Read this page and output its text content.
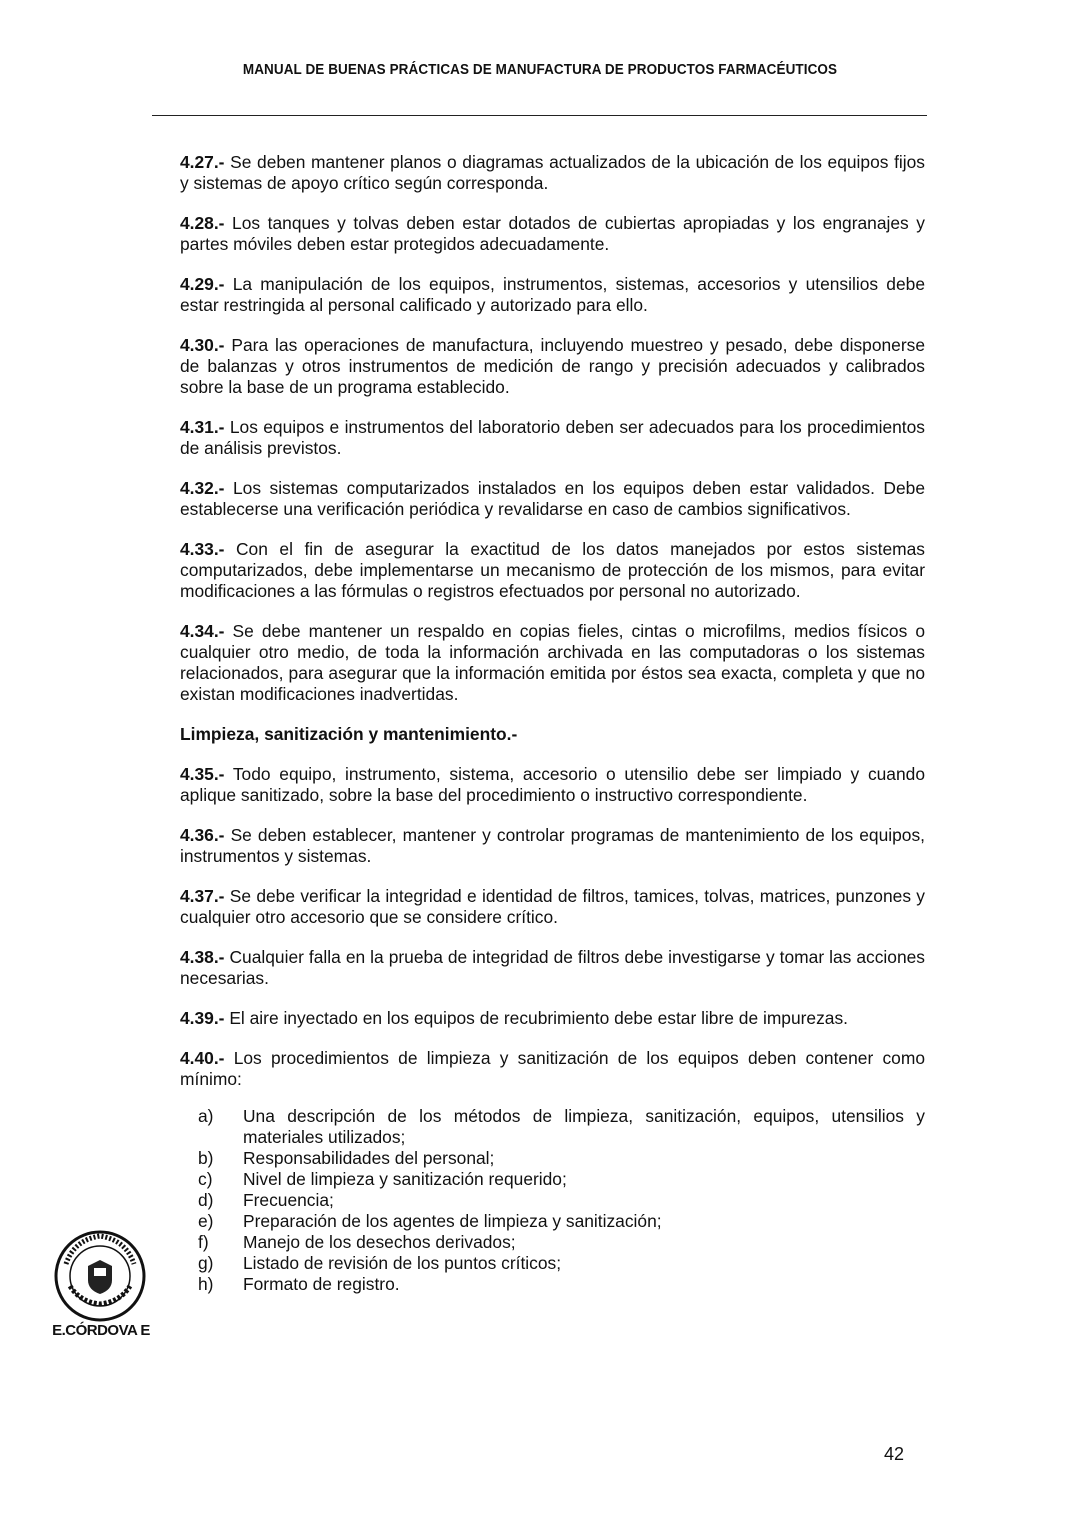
MANUAL DE BUENAS PRÁCTICAS DE MANUFACTURA DE PRODUCTOS FARMACÉUTICOS

4.27.- Se deben mantener planos o diagramas actualizados de la ubicación de los equipos fijos y sistemas de apoyo crítico según corresponda.

4.28.- Los tanques y tolvas deben estar dotados de cubiertas apropiadas y los engranajes y partes móviles deben estar protegidos adecuadamente.

4.29.- La manipulación de los equipos, instrumentos, sistemas, accesorios y utensilios debe estar restringida al personal calificado y autorizado para ello.

4.30.- Para las operaciones de manufactura, incluyendo muestreo y pesado, debe disponerse de balanzas y otros instrumentos de medición de rango y precisión adecuados y calibrados sobre la base de un programa establecido.

4.31.- Los equipos e instrumentos del laboratorio deben ser adecuados para los procedimientos de análisis previstos.

4.32.- Los sistemas computarizados instalados en los equipos deben estar validados. Debe establecerse una verificación periódica y revalidarse en caso de cambios significativos.

4.33.- Con el fin de asegurar la exactitud de los datos manejados por estos sistemas computarizados, debe implementarse un mecanismo de protección de los mismos, para evitar modificaciones a las fórmulas o registros efectuados por personal no autorizado.

4.34.- Se debe mantener un respaldo en copias fieles, cintas o microfilms, medios físicos o cualquier otro medio, de toda la información archivada en las computadoras o los sistemas relacionados, para asegurar que la información emitida por éstos sea exacta, completa y que no existan modificaciones inadvertidas.

Limpieza, sanitización y mantenimiento.-

4.35.- Todo equipo, instrumento, sistema, accesorio o utensilio debe ser limpiado y cuando aplique sanitizado, sobre la base del procedimiento o instructivo correspondiente.

4.36.- Se deben establecer, mantener y controlar programas de mantenimiento de los equipos, instrumentos y sistemas.

4.37.- Se debe verificar la integridad e identidad de filtros, tamices, tolvas, matrices, punzones y cualquier otro accesorio que se considere crítico.

4.38.- Cualquier falla en la prueba de integridad de filtros debe investigarse y tomar las acciones necesarias.

4.39.- El aire inyectado en los equipos de recubrimiento debe estar libre de impurezas.

4.40.- Los procedimientos de limpieza y sanitización de los equipos deben contener como mínimo:

a)	Una descripción de los métodos de limpieza, sanitización, equipos, utensilios y materiales utilizados;
b)	Responsabilidades del personal;
c)	Nivel de limpieza y sanitización requerido;
d)	Frecuencia;
e)	Preparación de los agentes de limpieza y sanitización;
f)	Manejo de los desechos derivados;
g)	Listado de revisión de los puntos críticos;
h)	Formato de registro.
E.CÓRDOVA E
42
